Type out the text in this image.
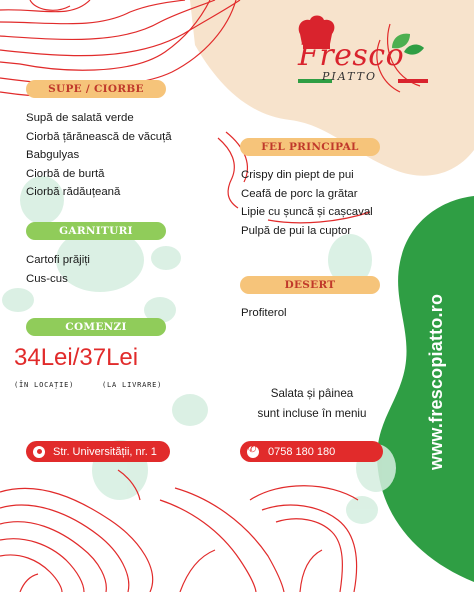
Fresco
PIATTO
SUPE / CIORBE
Supă de salată verde
Ciorbă țărănească de văcuță
Babgulyas
Ciorbă de burtă
Ciorbă rădăuțeană
GARNITURI
Cartofi prăjiți
Cus-cus
COMENZI
34Lei/37Lei
(ÎN LOCAȚIE)	(LA LIVRARE)
FEL PRINCIPAL
Crispy din piept de pui
Ceafă de porc la grătar
Lipie cu șuncă și cașcaval
Pulpă de pui la cuptor
DESERT
Profiterol
Salata și pâinea
sunt incluse în meniu
Str. Universității, nr. 1
✆	0758 180 180	www.frescopiatto.ro
